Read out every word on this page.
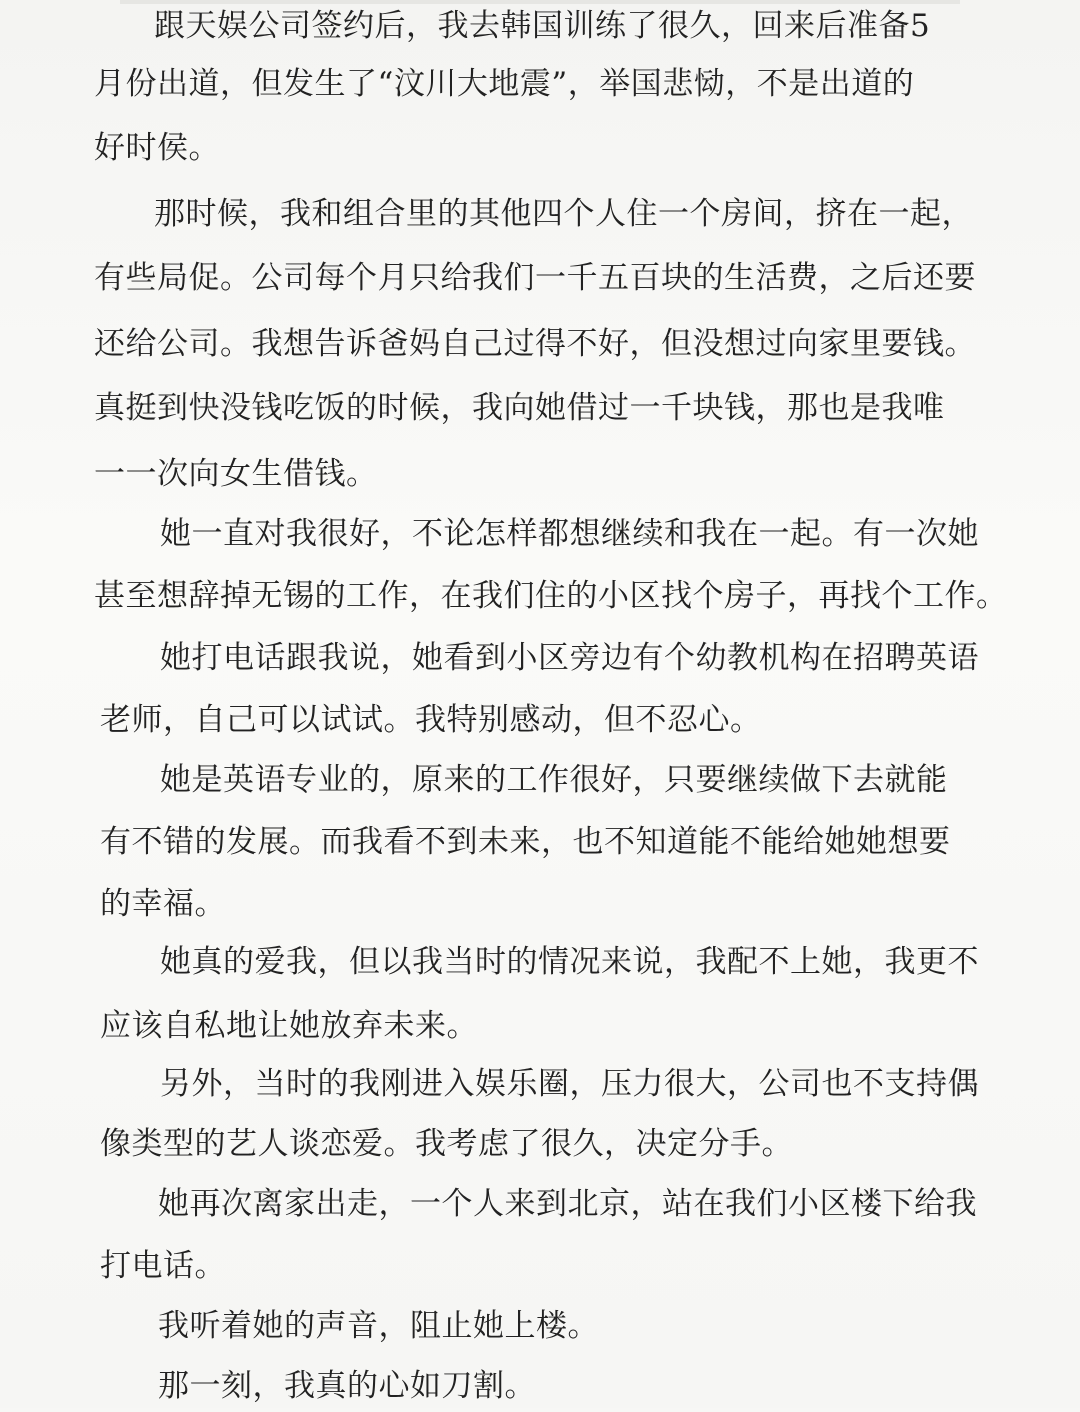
跟天娱公司签约后，我去韩国训练了很久，回来后准备5
月份出道，但发生了“汶川大地震”，举国悲恸，不是出道的
好时侯。
那时候，我和组合里的其他四个人住一个房间，挤在一起，
有些局促。公司每个月只给我们一千五百块的生活费，之后还要
还给公司。我想告诉爸妈自己过得不好，但没想过向家里要钱。
真挺到快没钱吃饭的时候，我向她借过一千块钱，那也是我唯
一一次向女生借钱。
她一直对我很好，不论怎样都想继续和我在一起。有一次她
甚至想辞掉无锡的工作，在我们住的小区找个房子，再找个工作。
她打电话跟我说，她看到小区旁边有个幼教机构在招聘英语
老师，自己可以试试。我特别感动，但不忍心。
她是英语专业的，原来的工作很好，只要继续做下去就能
有不错的发展。而我看不到未来，也不知道能不能给她她想要
的幸福。
她真的爱我，但以我当时的情况来说，我配不上她，我更不
应该自私地让她放弃未来。
另外，当时的我刚进入娱乐圈，压力很大，公司也不支持偶
像类型的艺人谈恋爱。我考虑了很久，决定分手。
她再次离家出走，一个人来到北京，站在我们小区楼下给我
打电话。
我听着她的声音，阻止她上楼。
那一刻，我真的心如刀割。
